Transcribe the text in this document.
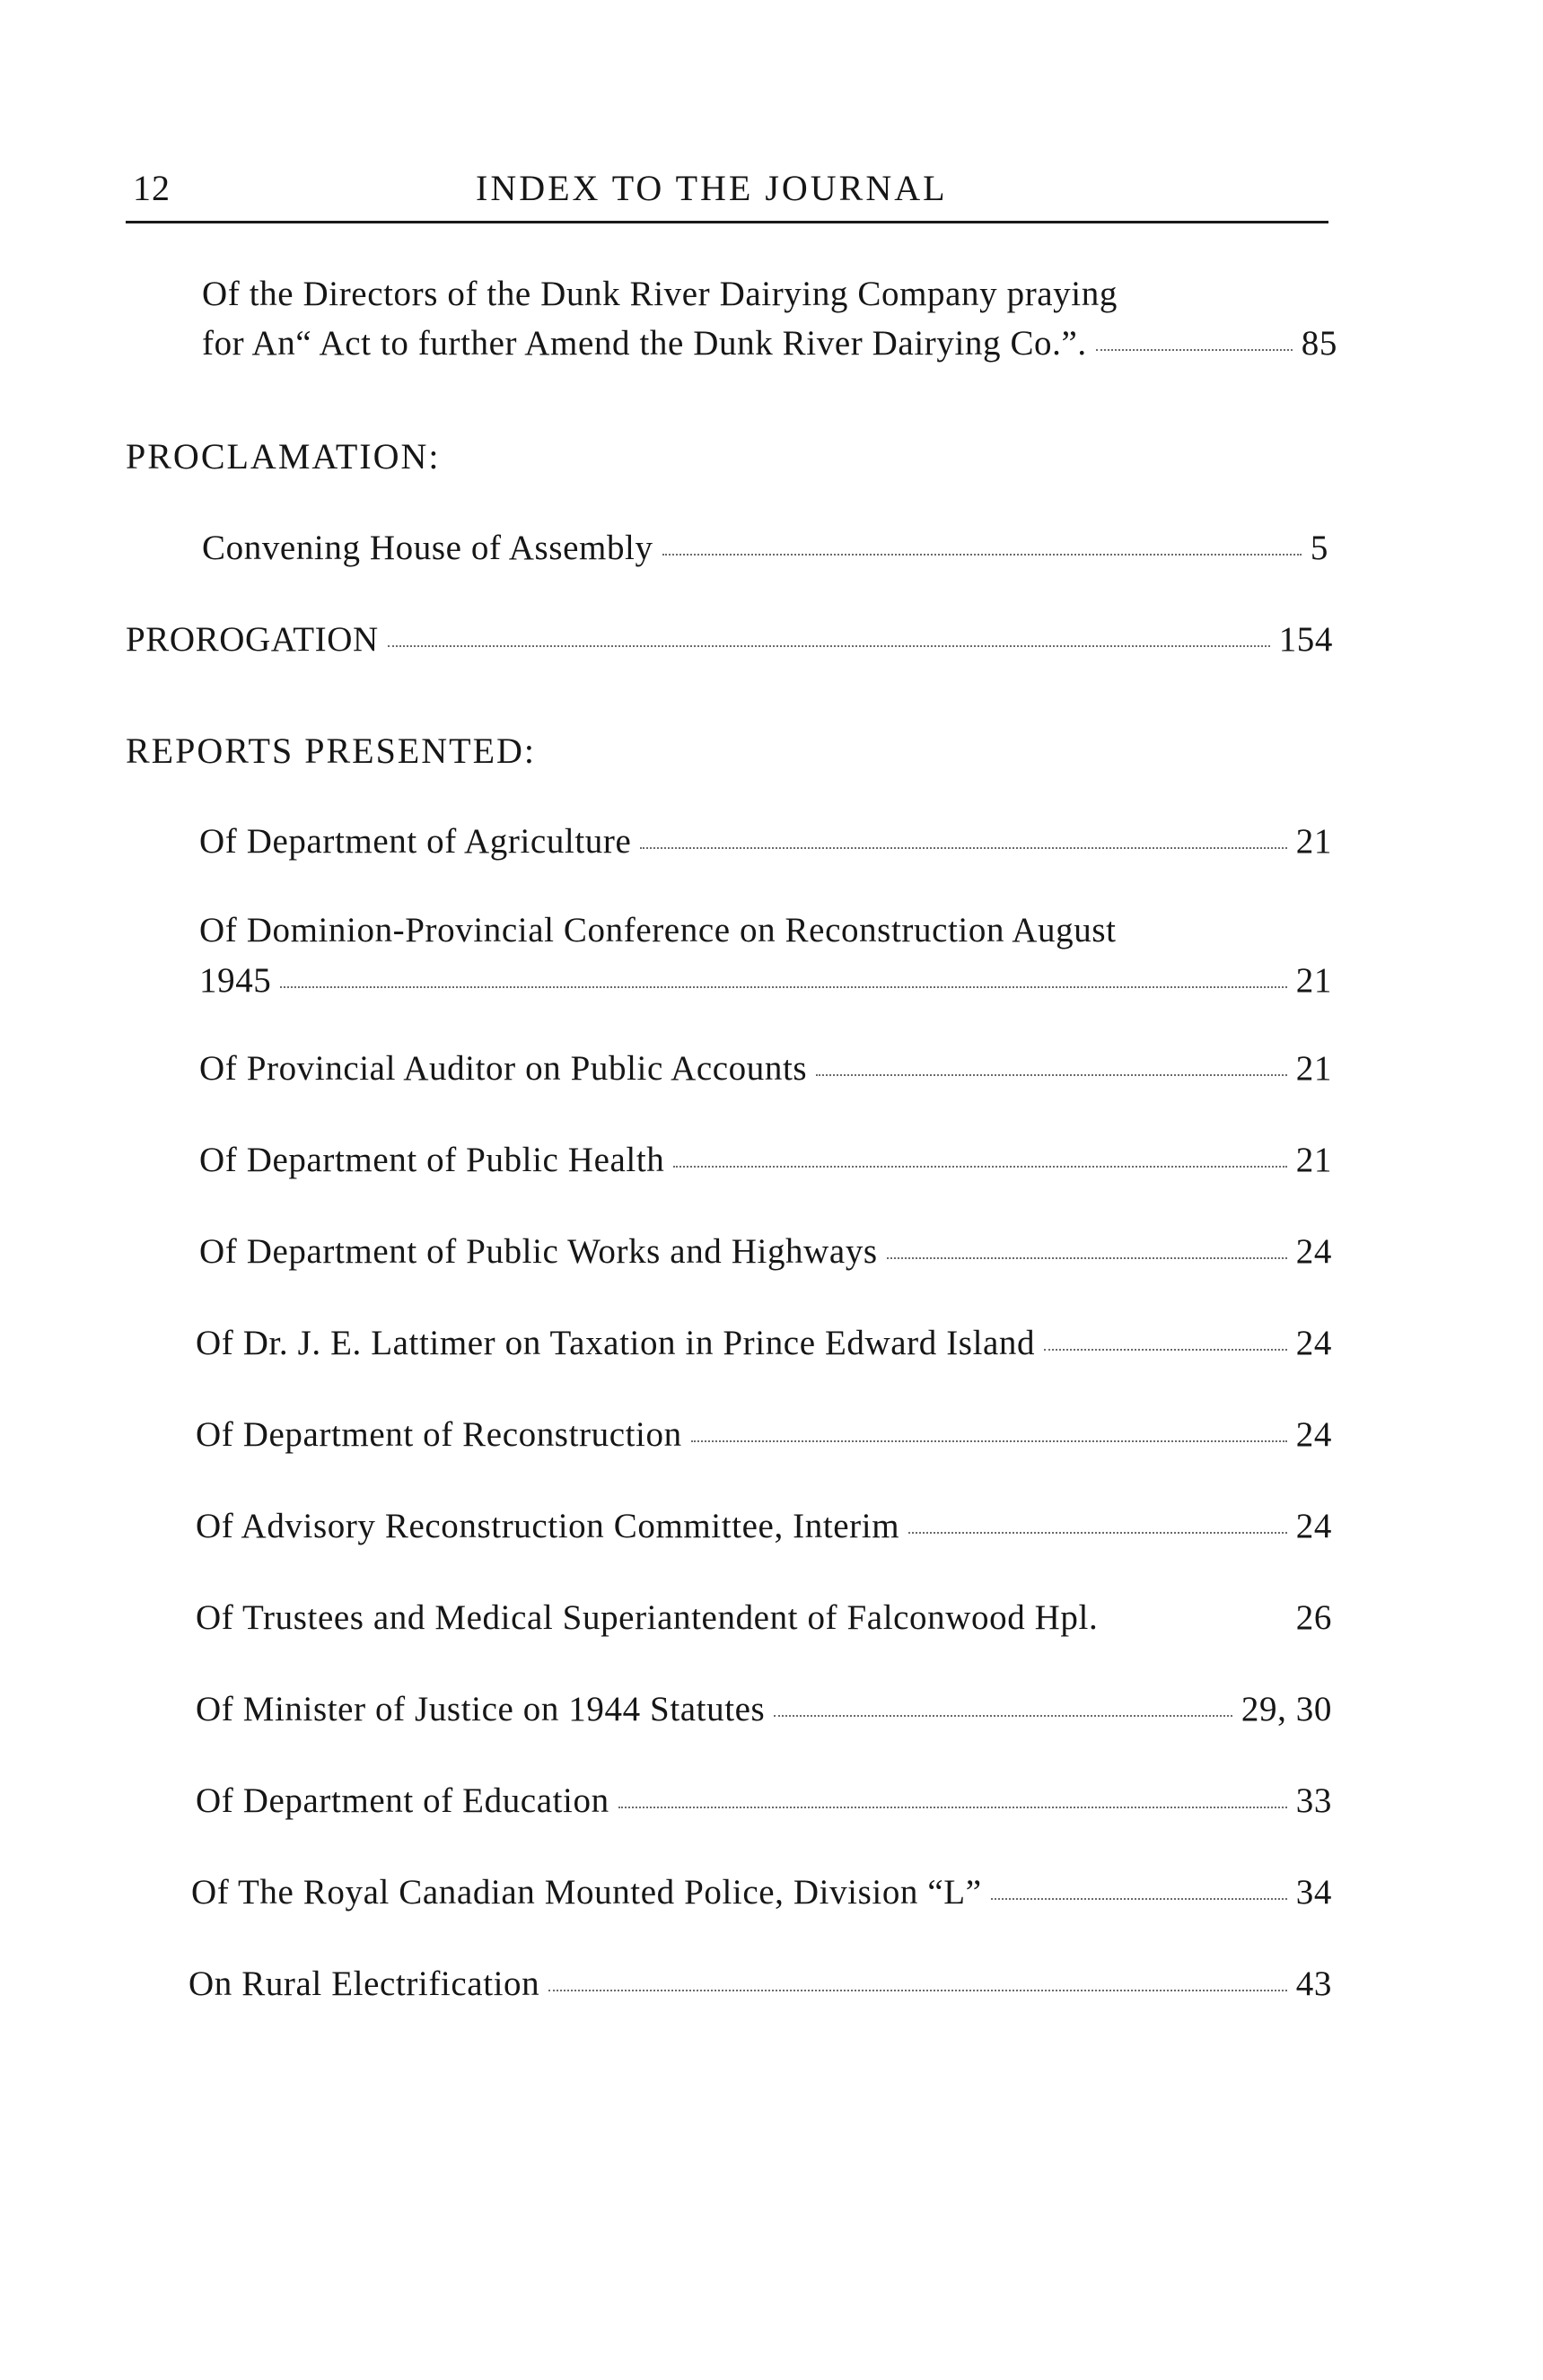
12	INDEX TO THE JOURNAL
Of the Directors of the Dunk River Dairying Company praying
for An“ Act to further Amend the Dunk River Dairying Co.”.	85
PROCLAMATION:
Convening House of Assembly	5
PROROGATION	154
REPORTS PRESENTED:
Of Department of Agriculture	21
Of Dominion-Provincial Conference on Reconstruction August
1945	21
Of Provincial Auditor on Public Accounts	21
Of Department of Public Health	21
Of Department of Public Works and Highways	24
Of Dr. J. E. Lattimer on Taxation in Prince Edward Island	24
Of Department of Reconstruction	24
Of Advisory Reconstruction Committee, Interim	24
Of Trustees and Medical Superiantendent of Falconwood Hpl.	26
Of Minister of Justice on 1944 Statutes	29, 30
Of Department of Education	33
Of The Royal Canadian Mounted Police, Division “L”	34
On Rural Electrification	43
